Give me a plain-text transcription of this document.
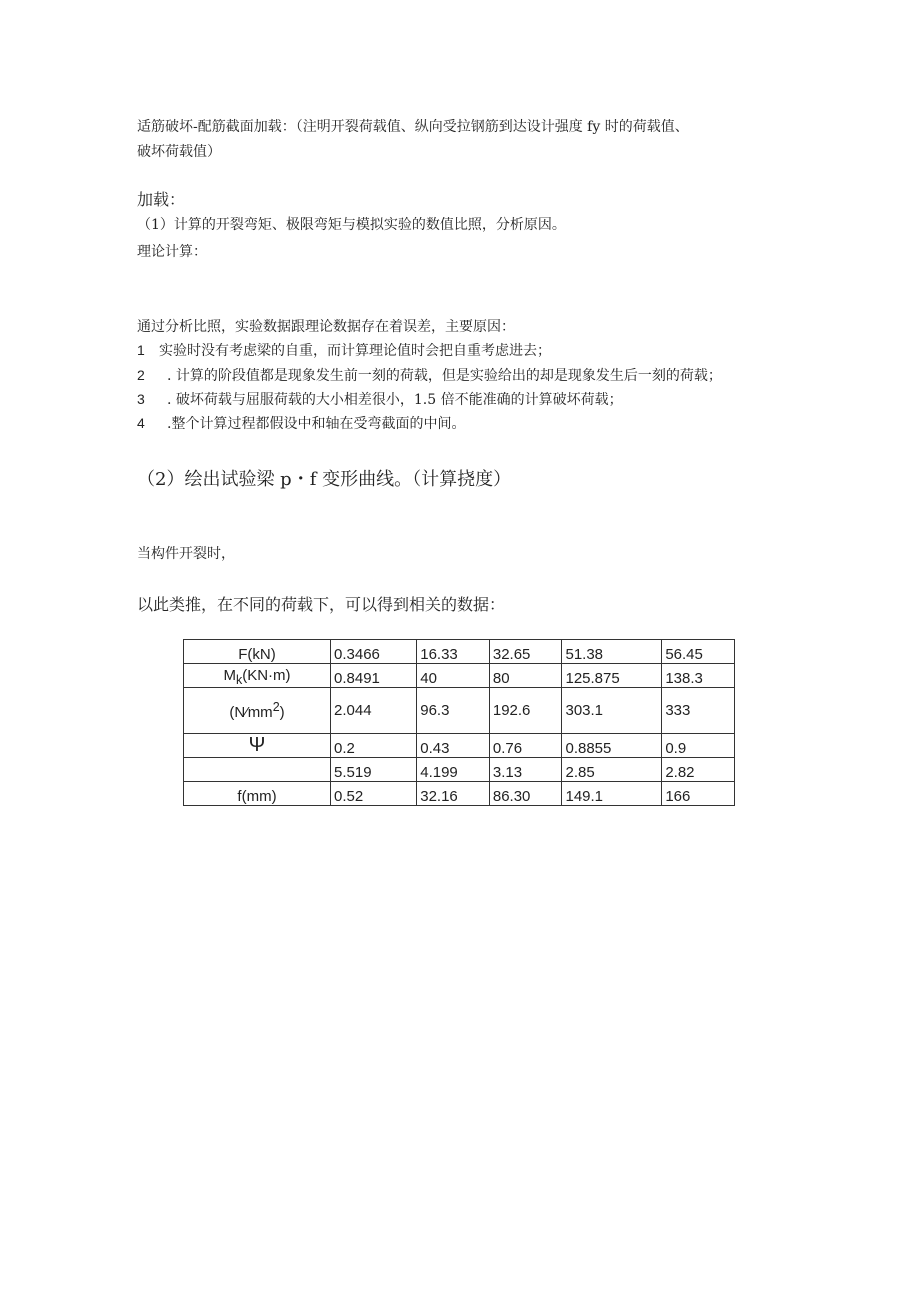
适筋破坏-配筋截面加载：（注明开裂荷载值、纵向受拉钢筋到达设计强度 fy 时的荷载值、
破坏荷载值）
加载：
（1）计算的开裂弯矩、极限弯矩与模拟实验的数值比照，分析原因。
理论计算：
通过分析比照，实验数据跟理论数据存在着误差，主要原因：
1 实验时没有考虑梁的自重，而计算理论值时会把自重考虑进去；
2 . 计算的阶段值都是现象发生前一刻的荷载，但是实验给出的却是现象发生后一刻的荷载；
3 . 破坏荷载与屈服荷载的大小相差很小，1.5 倍不能准确的计算破坏荷载；
4 .整个计算过程都假设中和轴在受弯截面的中间。
（2）绘出试验梁 p・f 变形曲线。（计算挠度）
当构件开裂时，
以此类推，在不同的荷载下，可以得到相关的数据：
F(kN)	0.3466	16.33	32.65	51.38	56.45
$M_k(KN\cdot m)$	0.8491	40	80	125.875	138.3
$(N⁄mm^2)$	2.044	96.3	192.6	303.1	333
Ψ	0.2	0.43	0.76	0.8855	0.9
	5.519	4.199	3.13	2.85	2.82
f(mm)	0.52	32.16	86.30	149.1	166
